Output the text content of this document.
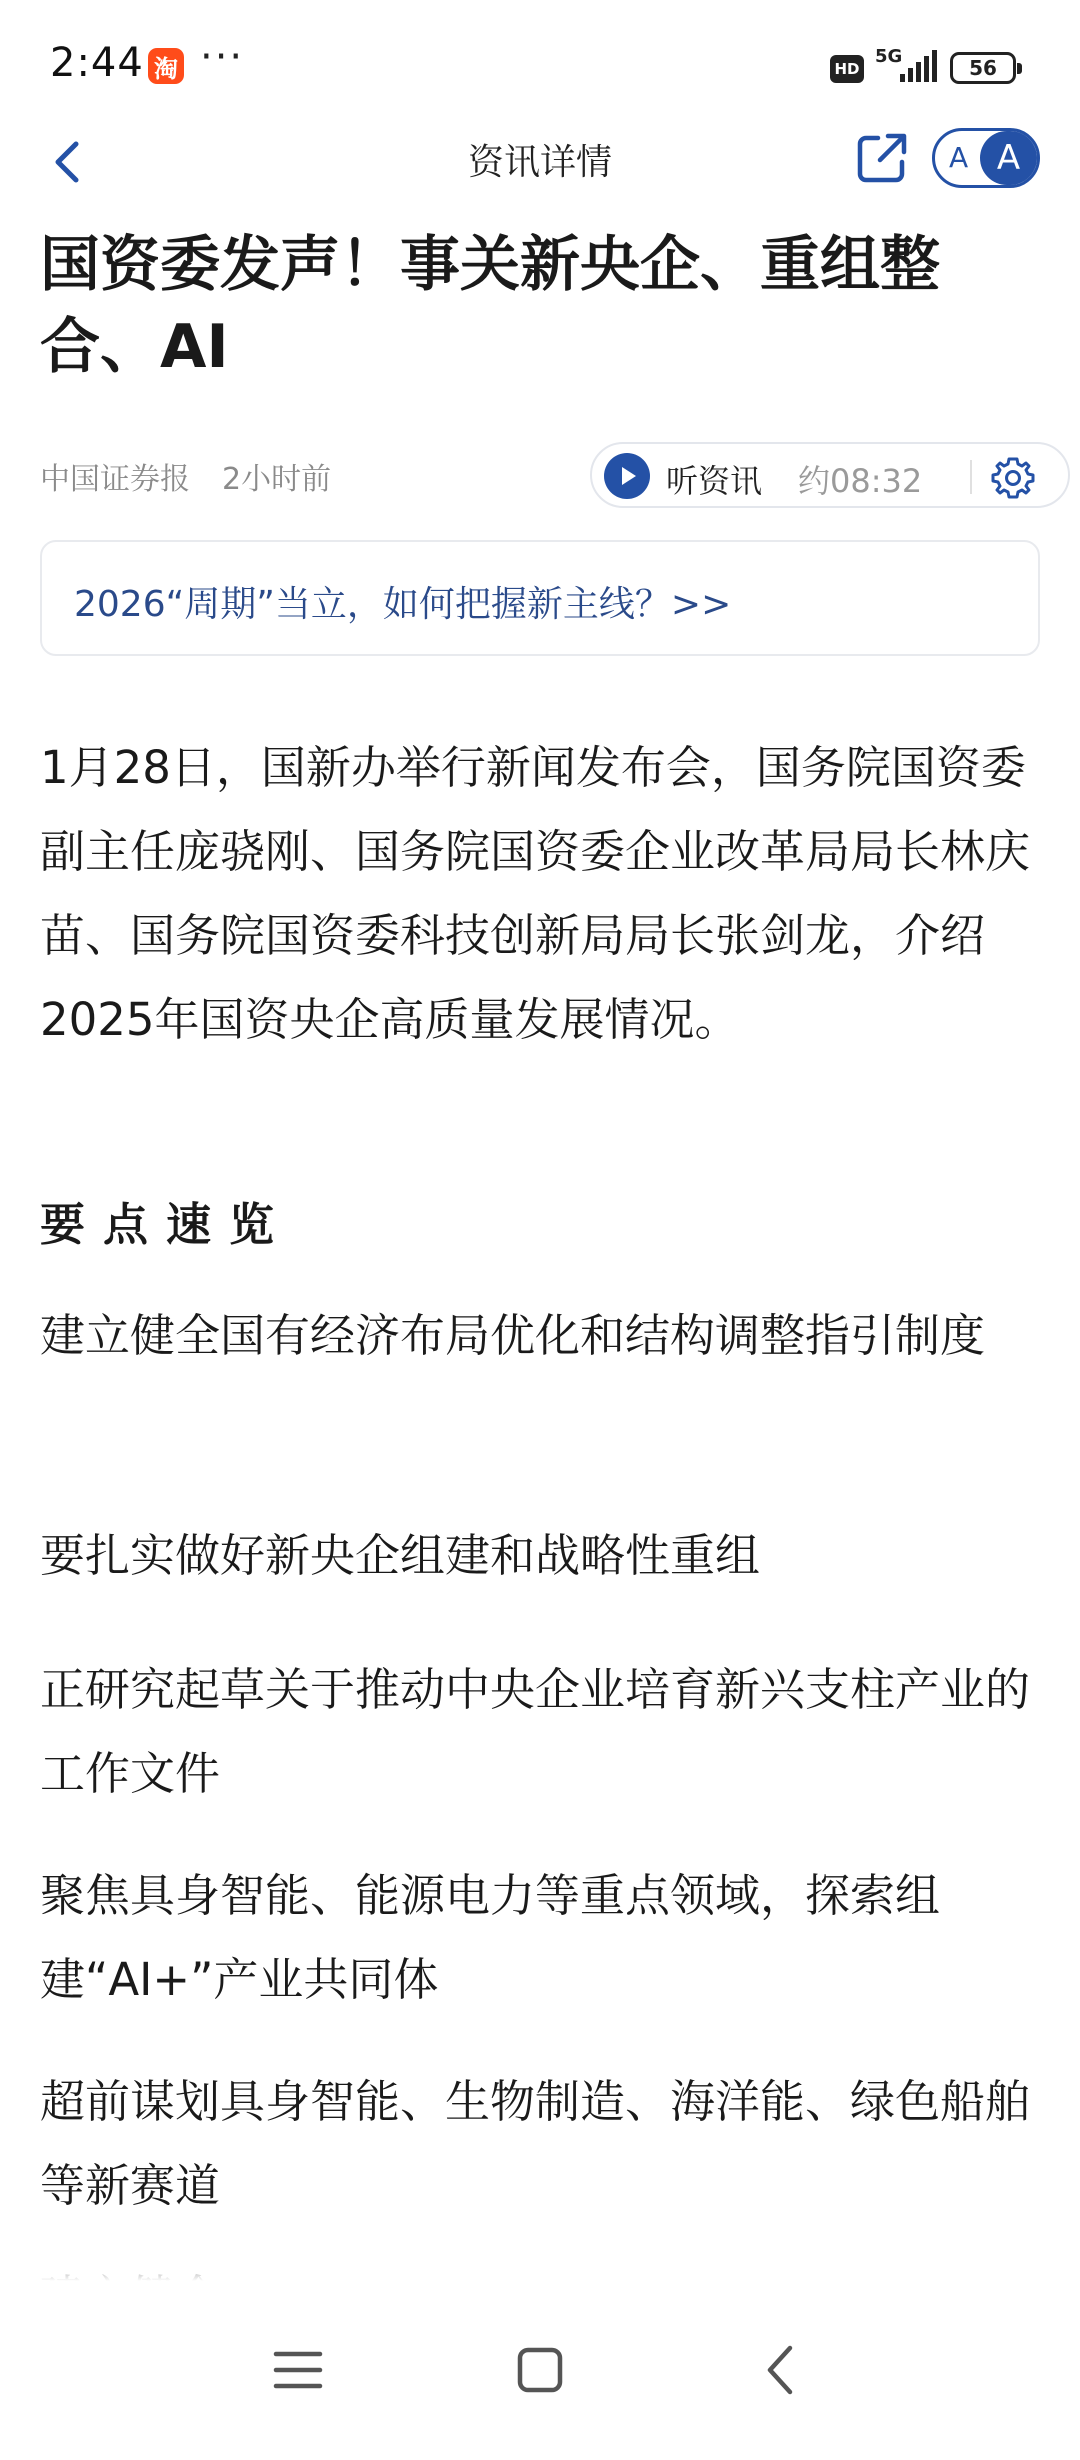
2:44 淘 ···	HD
5G	56
资讯详情	A A
国资委发声！事关新央企、重组整合、AI
中国证券报 2小时前	听资讯 约08:32
2026“周期”当立，如何把握新主线？>>
1月28日，国新办举行新闻发布会，国务院国资委副主任庞骁刚、国务院国资委企业改革局局长林庆苗、国务院国资委科技创新局局长张剑龙，介绍2025年国资央企高质量发展情况。
要点速览
建立健全国有经济布局优化和结构调整指引制度
要扎实做好新央企组建和战略性重组
正研究起草关于推动中央企业培育新兴支柱产业的工作文件
聚焦具身智能、能源电力等重点领域，探索组建“AI+”产业共同体
超前谋划具身智能、生物制造、海洋能、绿色船舶等新赛道
